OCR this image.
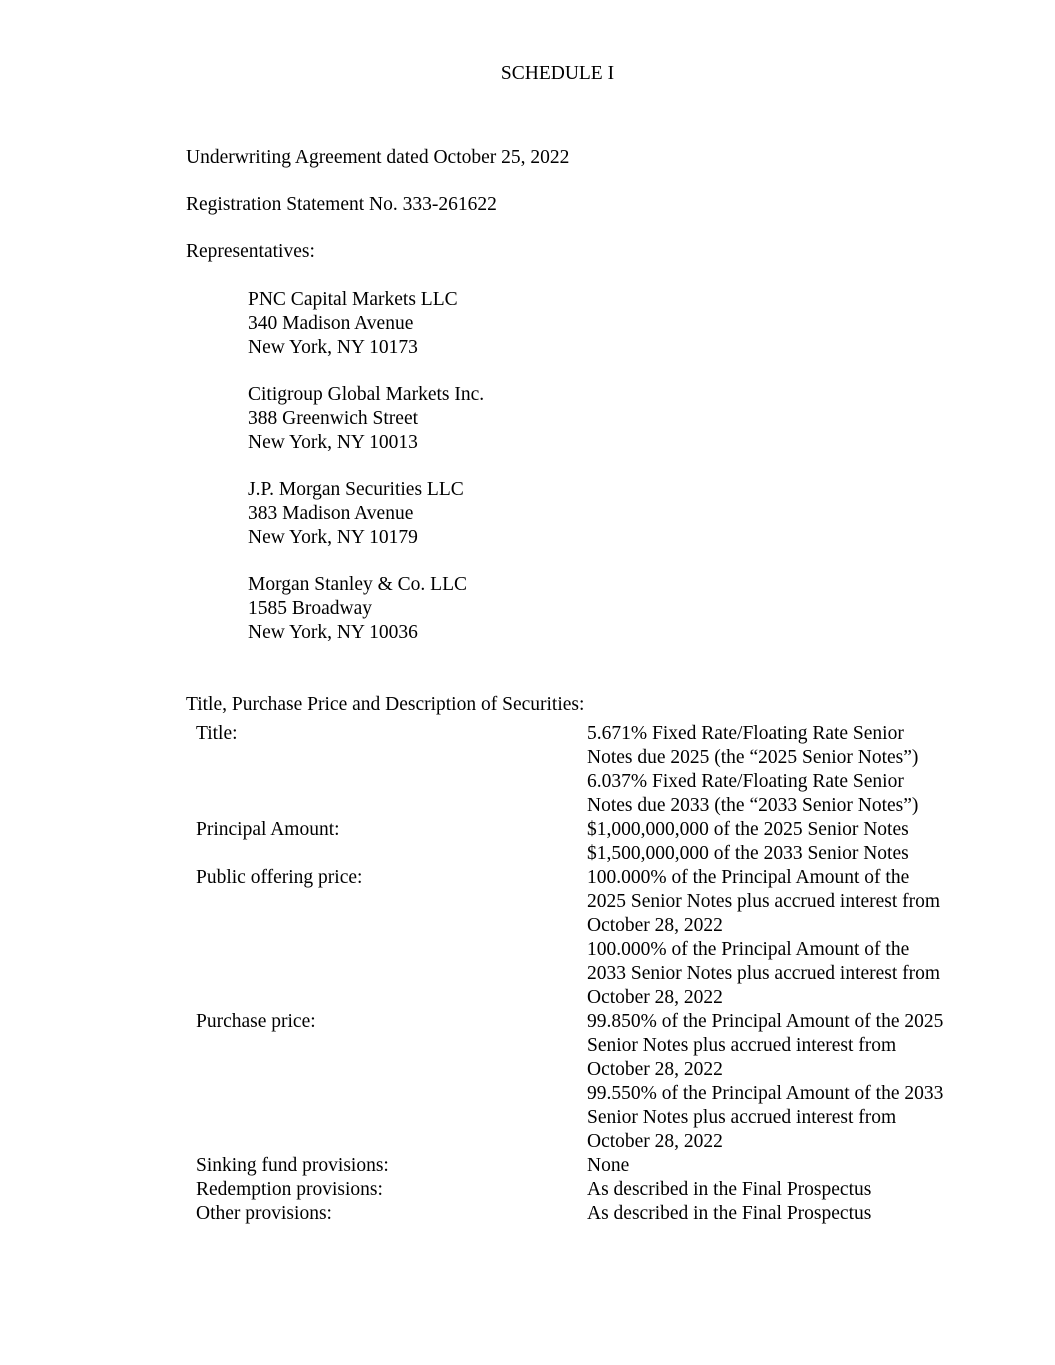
SCHEDULE I
Underwriting Agreement dated October 25, 2022
Registration Statement No. 333-261622
Representatives:
PNC Capital Markets LLC
340 Madison Avenue
New York, NY 10173
Citigroup Global Markets Inc.
388 Greenwich Street
New York, NY 10013
J.P. Morgan Securities LLC
383 Madison Avenue
New York, NY 10179
Morgan Stanley & Co. LLC
1585 Broadway
New York, NY 10036
Title, Purchase Price and Description of Securities:
Title:	5.671% Fixed Rate/Floating Rate Senior
Notes due 2025 (the “2025 Senior Notes”)
6.037% Fixed Rate/Floating Rate Senior
Notes due 2033 (the “2033 Senior Notes”)
Principal Amount:	$1,000,000,000 of the 2025 Senior Notes
$1,500,000,000 of the 2033 Senior Notes
Public offering price:	100.000% of the Principal Amount of the
2025 Senior Notes plus accrued interest from
October 28, 2022
100.000% of the Principal Amount of the
2033 Senior Notes plus accrued interest from
October 28, 2022
Purchase price:	99.850% of the Principal Amount of the 2025
Senior Notes plus accrued interest from
October 28, 2022
99.550% of the Principal Amount of the 2033
Senior Notes plus accrued interest from
October 28, 2022
Sinking fund provisions:	None
Redemption provisions:	As described in the Final Prospectus
Other provisions:	As described in the Final Prospectus
